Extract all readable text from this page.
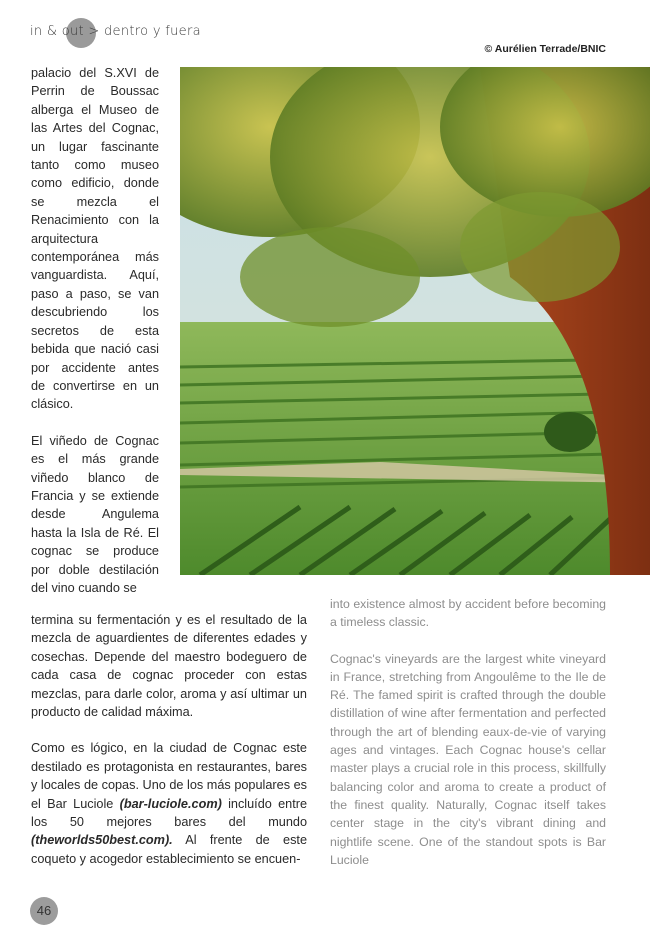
in & out > dentro y fuera
© Aurélien Terrade/BNIC

palacio del S.XVI de Perrin de Boussac alberga el Museo de las Artes del Cognac, un lugar fascinante tanto como museo como edificio, donde se mezcla el Renacimiento con la arquitectura contemporánea más vanguardista. Aquí, paso a paso, se van descubriendo los secretos de esta bebida que nació casi por accidente antes de convertirse en un clásico.

El viñedo de Cognac es el más grande viñedo blanco de Francia y se extiende desde Angulema hasta la Isla de Ré. El cognac se produce por doble destilación del vino cuando se

termina su fermentación y es el resultado de la mezcla de aguardientes de diferentes edades y cosechas. Depende del maestro bodeguero de cada casa de cognac proceder con estas mezclas, para darle color, aroma y así ultimar un producto de calidad máxima.

Como es lógico, en la ciudad de Cognac este destilado es protagonista en restaurantes, bares y locales de copas. Uno de los más populares es el Bar Luciole (bar-luciole.com) incluído entre los 50 mejores bares del mundo (theworlds50best.com). Al frente de este coqueto y acogedor establecimiento se encuen-

into existence almost by accident before becoming a timeless classic.

Cognac's vineyards are the largest white vineyard in France, stretching from Angoulême to the Ile de Ré. The famed spirit is crafted through the double distillation of wine after fermentation and perfected through the art of blending eaux-de-vie of varying ages and vintages. Each Cognac house's cellar master plays a crucial role in this process, skillfully balancing color and aroma to create a product of the finest quality. Naturally, Cognac itself takes center stage in the city's vibrant dining and nightlife scene. One of the standout spots is Bar Luciole

46
